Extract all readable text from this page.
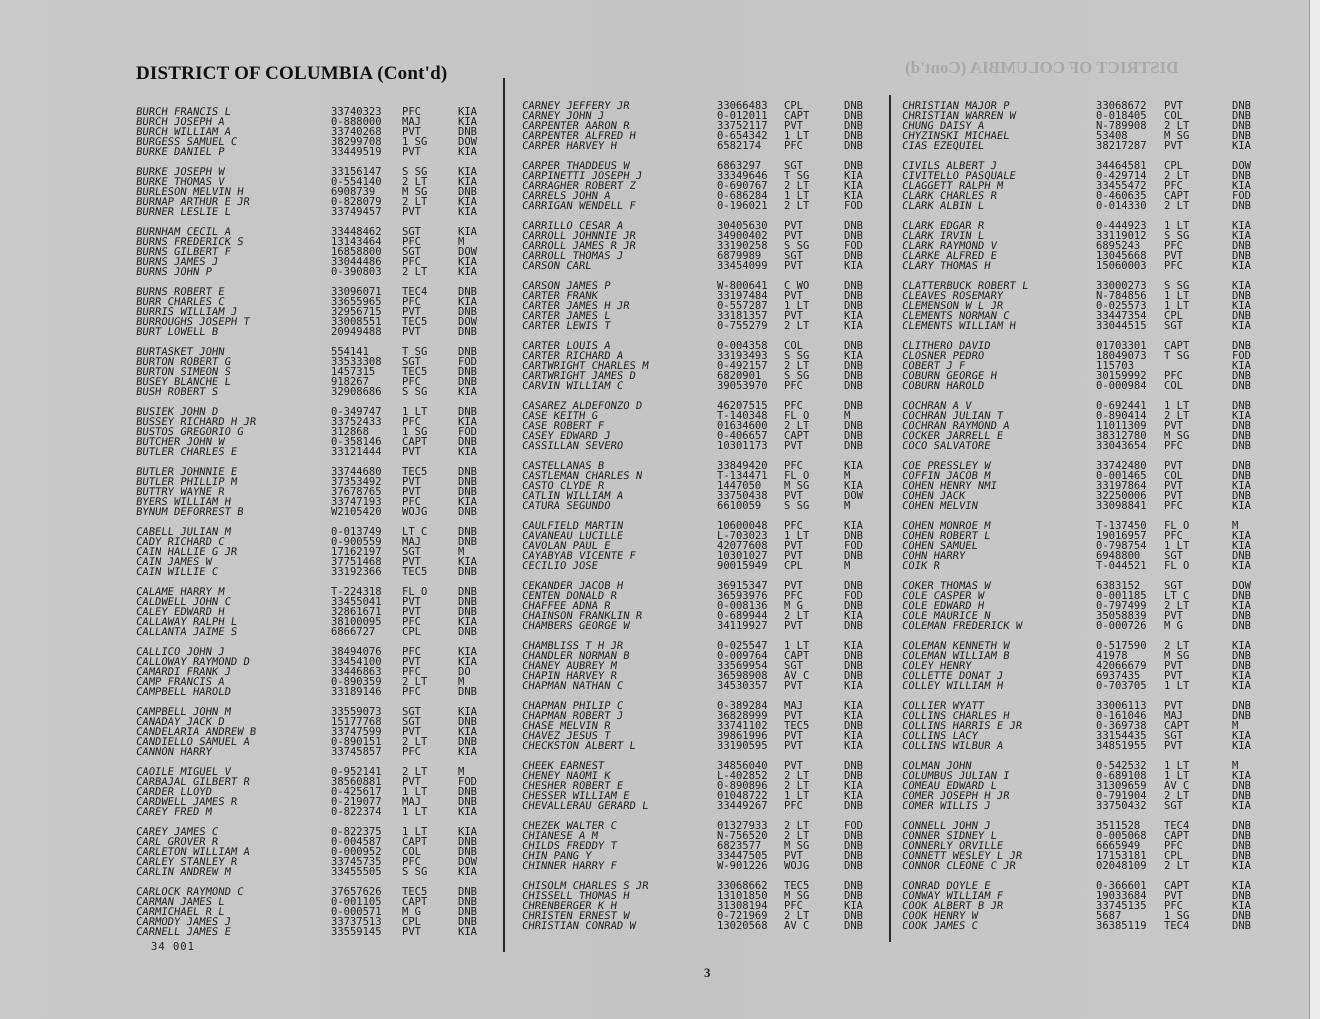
DISTRICT OF COLUMBIA (Cont'd)	DISTRICT OF COLUMBIA (Cont'd)
BURCH FRANCIS L	33740323 PFC	KIA
BURCH JOSEPH A	0-888000 MAJ	KIA
BURCH WILLIAM A	33740268 PVT	DNB
BURGESS SAMUEL C	38299708 1 SG	DOW
BURKE DANIEL P	33449519 PVT	KIA
BURKE JOSEPH W	33156147 S SG	KIA
BURKE THOMAS V	0-554140 2 LT	KIA
BURLESON MELVIN H	6908739	M SG	DNB
BURNAP ARTHUR E JR	0-828079 2 LT	KIA
BURNER LESLIE L	33749457 PVT	KIA
BURNHAM CECIL A	33448462 SGT	KIA
BURNS FREDERICK S	13143464 PFC	M
BURNS GILBERT F	16858800 SGT	DOW
BURNS JAMES J	33044486 PFC	KIA
BURNS JOHN P	0-390803 2 LT	KIA
BURNS ROBERT E	33096071 TEC4	DNB
BURR CHARLES C	33655965 PFC	KIA
BURRIS WILLIAM J	32956715 PVT	DNB
BURROUGHS JOSEPH T	33008551 TEC5	DOW
BURT LOWELL B	20949488 PVT	DNB
BURTASKET JOHN	554141	T SG	DNB
BURTON ROBERT G	33533308 SGT	FOD
BURTON SIMEON S	1457315	TEC5	DNB
BUSEY BLANCHE L	918267	PFC	DNB
BUSH ROBERT S	32908686 S SG	KIA
BUSIEK JOHN D	0-349747 1 LT	DNB
BUSSEY RICHARD H JR	33752433 PFC	KIA
BUSTOS GREGORIO G	312868	1 SG	FOD
BUTCHER JOHN W	0-358146 CAPT	DNB
BUTLER CHARLES E	33121444 PVT	KIA
BUTLER JOHNNIE E	33744680 TEC5	DNB
BUTLER PHILLIP M	37353492 PVT	DNB
BUTTRY WAYNE R	37678765 PVT	DNB
BYERS WILLIAM H	33747193 PFC	KIA
BYNUM DEFORREST B	W2105420 WOJG	DNB
CABELL JULIAN M	0-013749 LT C	DNB
CADY RICHARD C	0-900559 MAJ	DNB
CAIN HALLIE G JR	17162197 SGT	M
CAIN JAMES W	37751468 PVT	KIA
CAIN WILLIE C	33192366 TEC5	DNB
CALAME HARRY M	T-224318 FL O	DNB
CALDWELL JOHN C	33455041 PVT	DNB
CALEY EDWARD H	32861671 PVT	DNB
CALLAWAY RALPH L	38100095 PFC	KIA
CALLANTA JAIME S	6866727	CPL	DNB
CALLICO JOHN J	38494076 PFC	KIA
CALLOWAY RAYMOND D	33454100 PVT	KIA
CAMARDI FRANK J	33446863 PFC	DO
CAMP FRANCIS A	0-890359 2 LT	M
CAMPBELL HAROLD	33189146 PFC	DNB
CAMPBELL JOHN M	33559073 SGT	KIA
CANADAY JACK D	15177768 SGT	DNB
CANDELARIA ANDREW B	33747599 PVT	KIA
CANDIELLO SAMUEL A	0-890151 2 LT	DNB
CANNON HARRY	33745857 PFC	KIA
CAOILE MIGUEL V	0-952141 2 LT	M
CARBAJAL GILBERT R	38560881 PVT	FOD
CARDER LLOYD	0-425617 1 LT	DNB
CARDWELL JAMES R	0-219077 MAJ	DNB
CAREY FRED M	0-822374 1 LT	KIA
CAREY JAMES C	0-822375 1 LT	KIA
CARL GROVER R	0-004587 CAPT	DNB
CARLETON WILLIAM A	0-000952 COL	DNB
CARLEY STANLEY R	33745735 PFC	DOW
CARLIN ANDREW M	33455505 S SG	KIA
CARLOCK RAYMOND C	37657626 TEC5	DNB
CARMAN JAMES L	0-001105 CAPT	DNB
CARMICHAEL R L	0-000571 M G	DNB
CARMODY JAMES J	33737513 CPL	DNB
CARNELL JAMES E	33559145 PVT	KIA
CARNEY JEFFERY JR	33066483 CPL	DNB
CARNEY JOHN J	0-012011 CAPT	DNB
CARPENTER AARON R	33752117 PVT	DNB
CARPENTER ALFRED H	0-654342 1 LT	DNB
CARPER HARVEY H	6582174 PFC	DNB
CARPER THADDEUS W	6863297 SGT	DNB
CARPINETTI JOSEPH J	33349646 T SG	KIA
CARRAGHER ROBERT Z	0-690767 2 LT	KIA
CARRELS JOHN A	0-686284 1 LT	KIA
CARRIGAN WENDELL F	0-196021 2 LT	FOD
CARRILLO CESAR A	30405630 PVT	DNB
CARROLL JOHNNIE JR	34900402 PVT	DNB
CARROLL JAMES R JR	33190258 S SG	FOD
CARROLL THOMAS J	6879989 SGT	DNB
CARSON CARL	33454099 PVT	KIA
CARSON JAMES P	W-800641 C WO	DNB
CARTER FRANK	33197484 PVT	DNB
CARTER JAMES H JR	0-557287 1 LT	DNB
CARTER JAMES L	33181357 PVT	KIA
CARTER LEWIS T	0-755279 2 LT	KIA
CARTER LOUIS A	0-004358 COL	DNB
CARTER RICHARD A	33193493 S SG	KIA
CARTWRIGHT CHARLES M	0-492157 2 LT	DNB
CARTWRIGHT JAMES D	6820901 S SG	DNB
CARVIN WILLIAM C	39053970 PFC	DNB
CASAREZ ALDEFONZO D	46207515 PFC	DNB
CASE KEITH G	T-140348 FL O	M
CASE ROBERT F	01634600 2 LT	DNB
CASEY EDWARD J	0-406657 CAPT	DNB
CASSILLAN SEVERO	10301173 PVT	DNB
CASTELLANAS B	33849420 PFC	KIA
CASTLEMAN CHARLES N	T-134471 FL O	M
CASTO CLYDE R	1447050 M SG	KIA
CATLIN WILLIAM A	33750438 PVT	DOW
CATURA SEGUNDO	6610059 S SG	M
CAULFIELD MARTIN	10600048 PFC	KIA
CAVANEAU LUCILLE	L-703023 1 LT	DNB
CAVOLAN PAUL E	42077608 PVT	FOD
CAYABYAB VICENTE F	10301027 PVT	DNB
CECILIO JOSE	90015949 CPL	M
CEKANDER JACOB H	36915347 PVT	DNB
CENTEN DONALD R	36593976 PFC	FOD
CHAFFEE ADNA R	0-008136 M G	DNB
CHAINSON FRANKLIN R	0-689944 2 LT	KIA
CHAMBERS GEORGE W	34119927 PVT	DNB
CHAMBLISS T H JR	0-025547 1 LT	KIA
CHANDLER NORMAN B	0-009764 CAPT	DNB
CHANEY AUBREY M	33569954 SGT	DNB
CHAPIN HARVEY R	36598908 AV C	DNB
CHAPMAN NATHAN C	34530357 PVT	KIA
CHAPMAN PHILIP C	0-389284 MAJ	KIA
CHAPMAN ROBERT J	36828999 PVT	KIA
CHASE MELVIN R	33741102 TEC5	DNB
CHAVEZ JESUS T	39861996 PVT	KIA
CHECKSTON ALBERT L	33190595 PVT	KIA
CHEEK EARNEST	34856040 PVT	DNB
CHENEY NAOMI K	L-402852 2 LT	DNB
CHESHER ROBERT E	0-890896 2 LT	KIA
CHESSER WILLIAM E	01048722 1 LT	KIA
CHEVALLERAU GERARD L	33449267 PFC	DNB
CHEZEK WALTER C	01327933 2 LT	FOD
CHIANESE A M	N-756520 2 LT	DNB
CHILDS FREDDY T	6823577 M SG	DNB
CHIN PANG Y	33447505 PVT	DNB
CHINNER HARRY F	W-901226 WOJG	DNB
CHISOLM CHARLES S JR	33068662 TEC5	DNB
CHISSELL THOMAS H	13101850 M SG	DNB
CHRENBERGER K H	31308194 PFC	KIA
CHRISTEN ERNEST W	0-721969 2 LT	DNB
CHRISTIAN CONRAD W	13020568 AV C	DNB
CHRISTIAN MAJOR P	33068672 PVT	DNB
CHRISTIAN WARREN W	0-018405 COL	DNB
CHUNG DAISY A	N-789908 2 LT	DNB
CHYZINSKI MICHAEL	53408	M SG	DNB
CIAS EZEQUIEL	38217287 PVT	KIA
CIVILS ALBERT J	34464581 CPL	DOW
CIVITELLO PASQUALE	0-429714 2 LT	DNB
CLAGGETT RALPH M	33455472 PFC	KIA
CLARK CHARLES R	0-460635 CAPT	FOD
CLARK ALBIN L	0-014330 2 LT	DNB
CLARK EDGAR R	0-444923 1 LT	KIA
CLARK IRVIN L	33119012 S SG	KIA
CLARK RAYMOND V	6895243 PFC	DNB
CLARKE ALFRED E	13045668 PVT	DNB
CLARY THOMAS H	15060003 PFC	KIA
CLATTERBUCK ROBERT L	33000273 S SG	KIA
CLEAVES ROSEMARY	N-784856 1 LT	DNB
CLEMENSON W L JR	0-025573 1 LT	KIA
CLEMENTS NORMAN C	33447354 CPL	DNB
CLEMENTS WILLIAM H	33044515 SGT	KIA
CLITHERO DAVID	01703301 CAPT	DNB
CLOSNER PEDRO	18049073 T SG	FOD
COBERT J F	115703	KIA
COBURN GEORGE H	30159992 PFC	DNB
COBURN HAROLD	0-000984 COL	DNB
COCHRAN A V	0-692441 1 LT	DNB
COCHRAN JULIAN T	0-890414 2 LT	KIA
COCHRAN RAYMOND A	11011309 PVT	DNB
COCKER JARRELL E	38312780 M SG	DNB
COCO SALVATORE	33043654 PFC	DNB
COE PRESSLEY W	33742480 PVT	DNB
COFFIN JACOB M	0-001465 COL	DNB
COHEN HENRY NMI	33197864 PVT	KIA
COHEN JACK	32250006 PVT	DNB
COHEN MELVIN	33098841 PFC	KIA
COHEN MONROE M	T-137450 FL O	M
COHEN ROBERT L	19016957 PFC	KIA
COHEN SAMUEL	0-798754 1 LT	KIA
COHN HARRY	6948800 SGT	DNB
COIK R	T-044521 FL O	KIA
COKER THOMAS W	6383152 SGT	DOW
COLE CASPER W	0-001185 LT C	DNB
COLE EDWARD H	0-797499 2 LT	KIA
COLE MAURICE N	35058839 PVT	DNB
COLEMAN FREDERICK W	0-000726 M G	DNB
COLEMAN KENNETH W	0-517590 2 LT	KIA
COLEMAN WILLIAM B	41978	M SG	DNB
COLEY HENRY	42066679 PVT	DNB
COLLETTE DONAT J	6937435 PVT	KIA
COLLEY WILLIAM H	0-703705 1 LT	KIA
COLLIER WYATT	33006113 PVT	DNB
COLLINS CHARLES H	0-161046 MAJ	DNB
COLLINS HARRIS E JR	0-369738 CAPT	M
COLLINS LACY	33154435 SGT	KIA
COLLINS WILBUR A	34851955 PVT	KIA
COLMAN JOHN	0-542532 1 LT	M
COLUMBUS JULIAN I	0-689108 1 LT	KIA
COMEAU EDWARD L	31309659 AV C	DNB
COMER JOSEPH H JR	0-791904 2 LT	DNB
COMER WILLIS J	33750432 SGT	KIA
CONNELL JOHN J	3511528 TEC4	DNB
CONNER SIDNEY L	0-005068 CAPT	DNB
CONNERLY ORVILLE	6665949 PFC	DNB
CONNETT WESLEY L JR	17153181 CPL	DNB
CONNOR CLEONE C JR	02048109 2 LT	KIA
CONRAD DOYLE E	0-366601 CAPT	KIA
CONWAY WILLIAM F	19033684 PVT	DNB
COOK ALBERT B JR	33745135 PFC	KIA
COOK HENRY W	5687	1 SG	DNB
COOK JAMES C	36385119 TEC4	DNB
34 001
3
